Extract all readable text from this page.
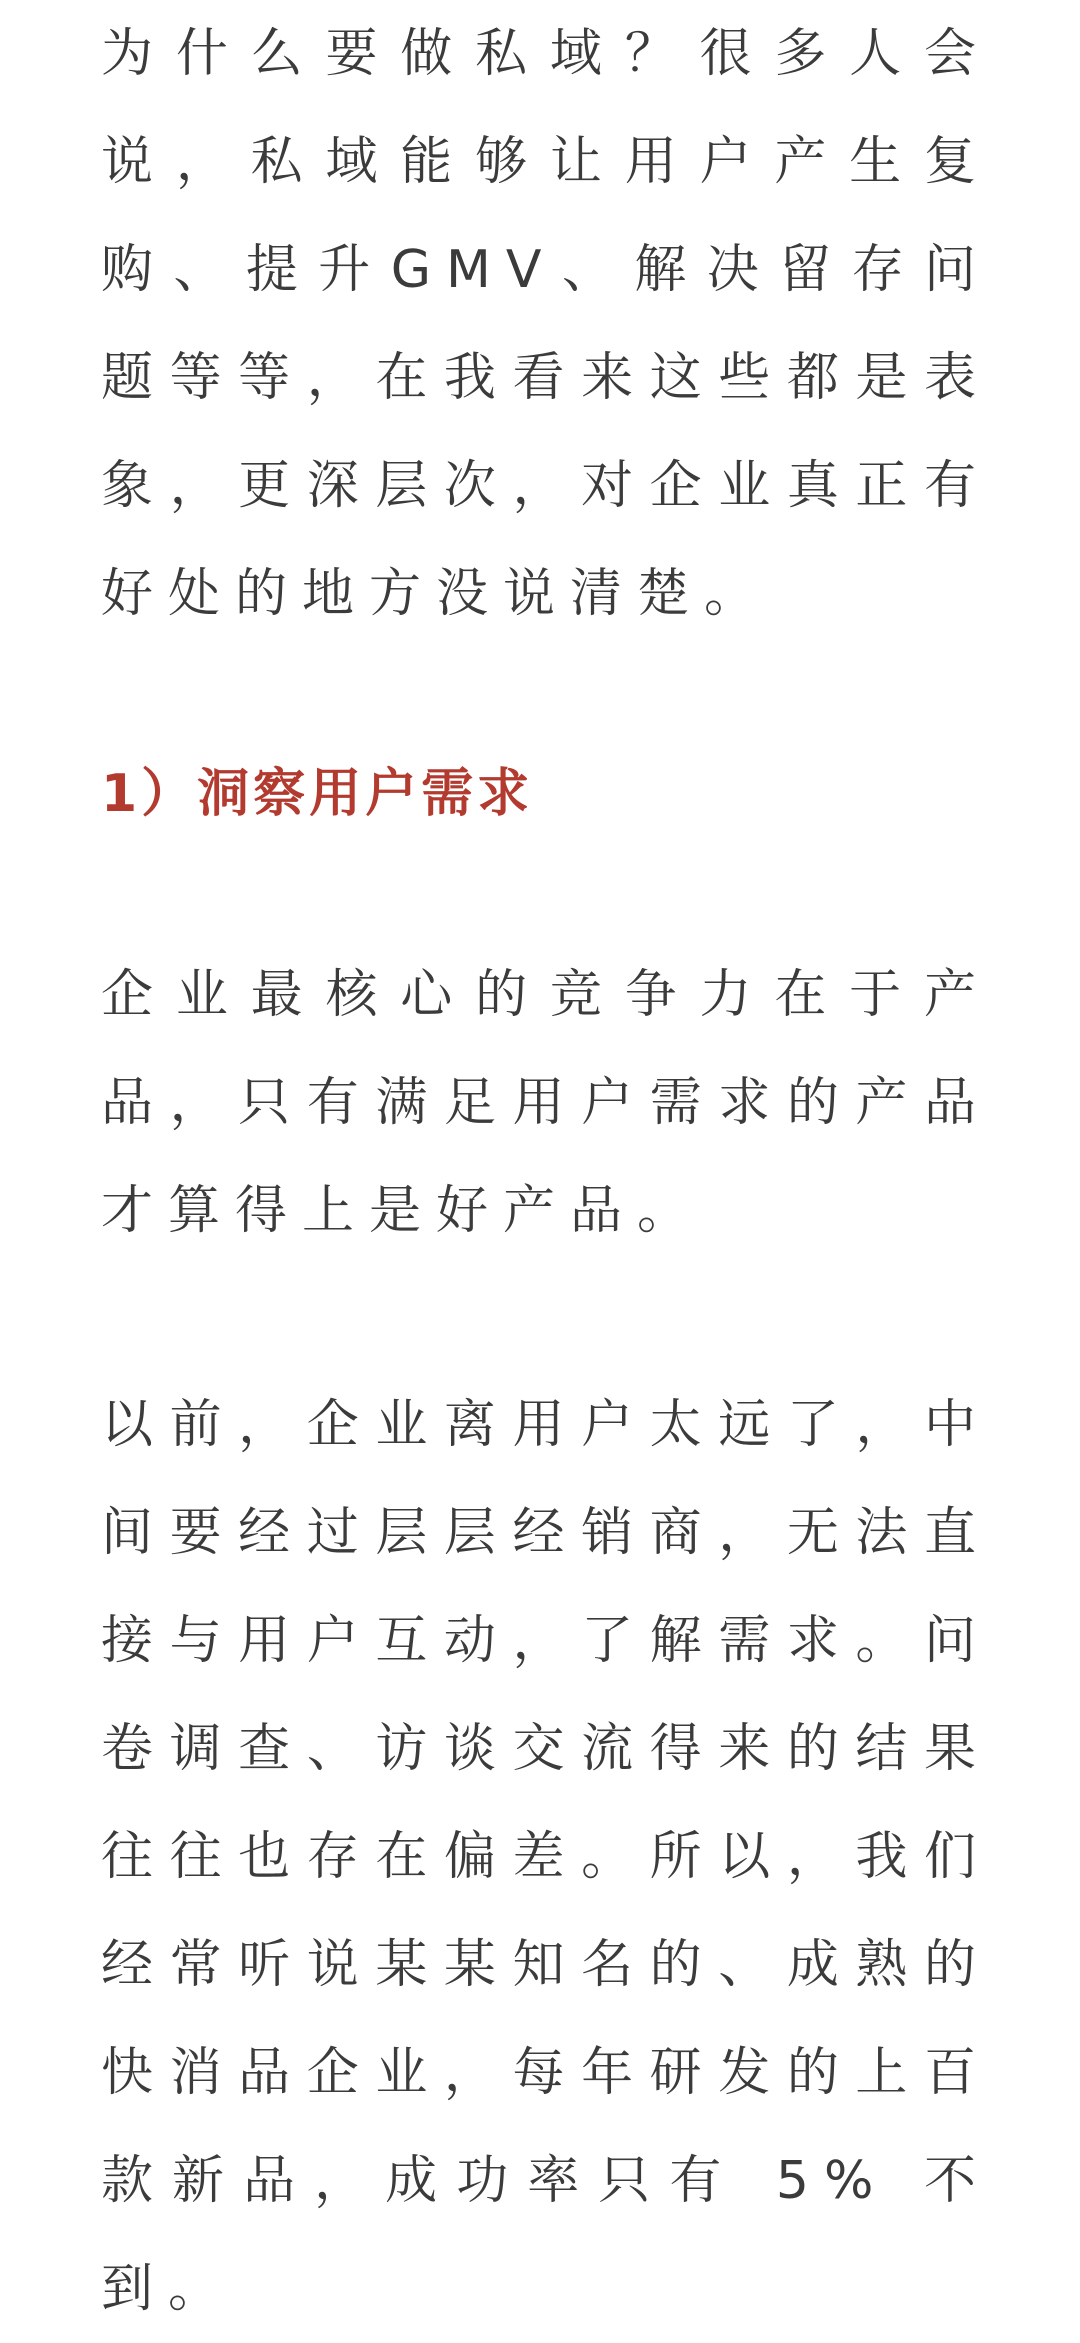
为什么要做私域？很多人会说，私域能够让用户产生复购、提升GMV、解决留存问题等等，在我看来这些都是表象，更深层次，对企业真正有好处的地方没说清楚。

1）洞察用户需求

企业最核心的竞争力在于产品，只有满足用户需求的产品才算得上是好产品。

以前，企业离用户太远了，中间要经过层层经销商，无法直接与用户互动，了解需求。问卷调查、访谈交流得来的结果往往也存在偏差。所以，我们经常听说某某知名的、成熟的快消品企业，每年研发的上百款新品，成功率只有 5% 不到。
